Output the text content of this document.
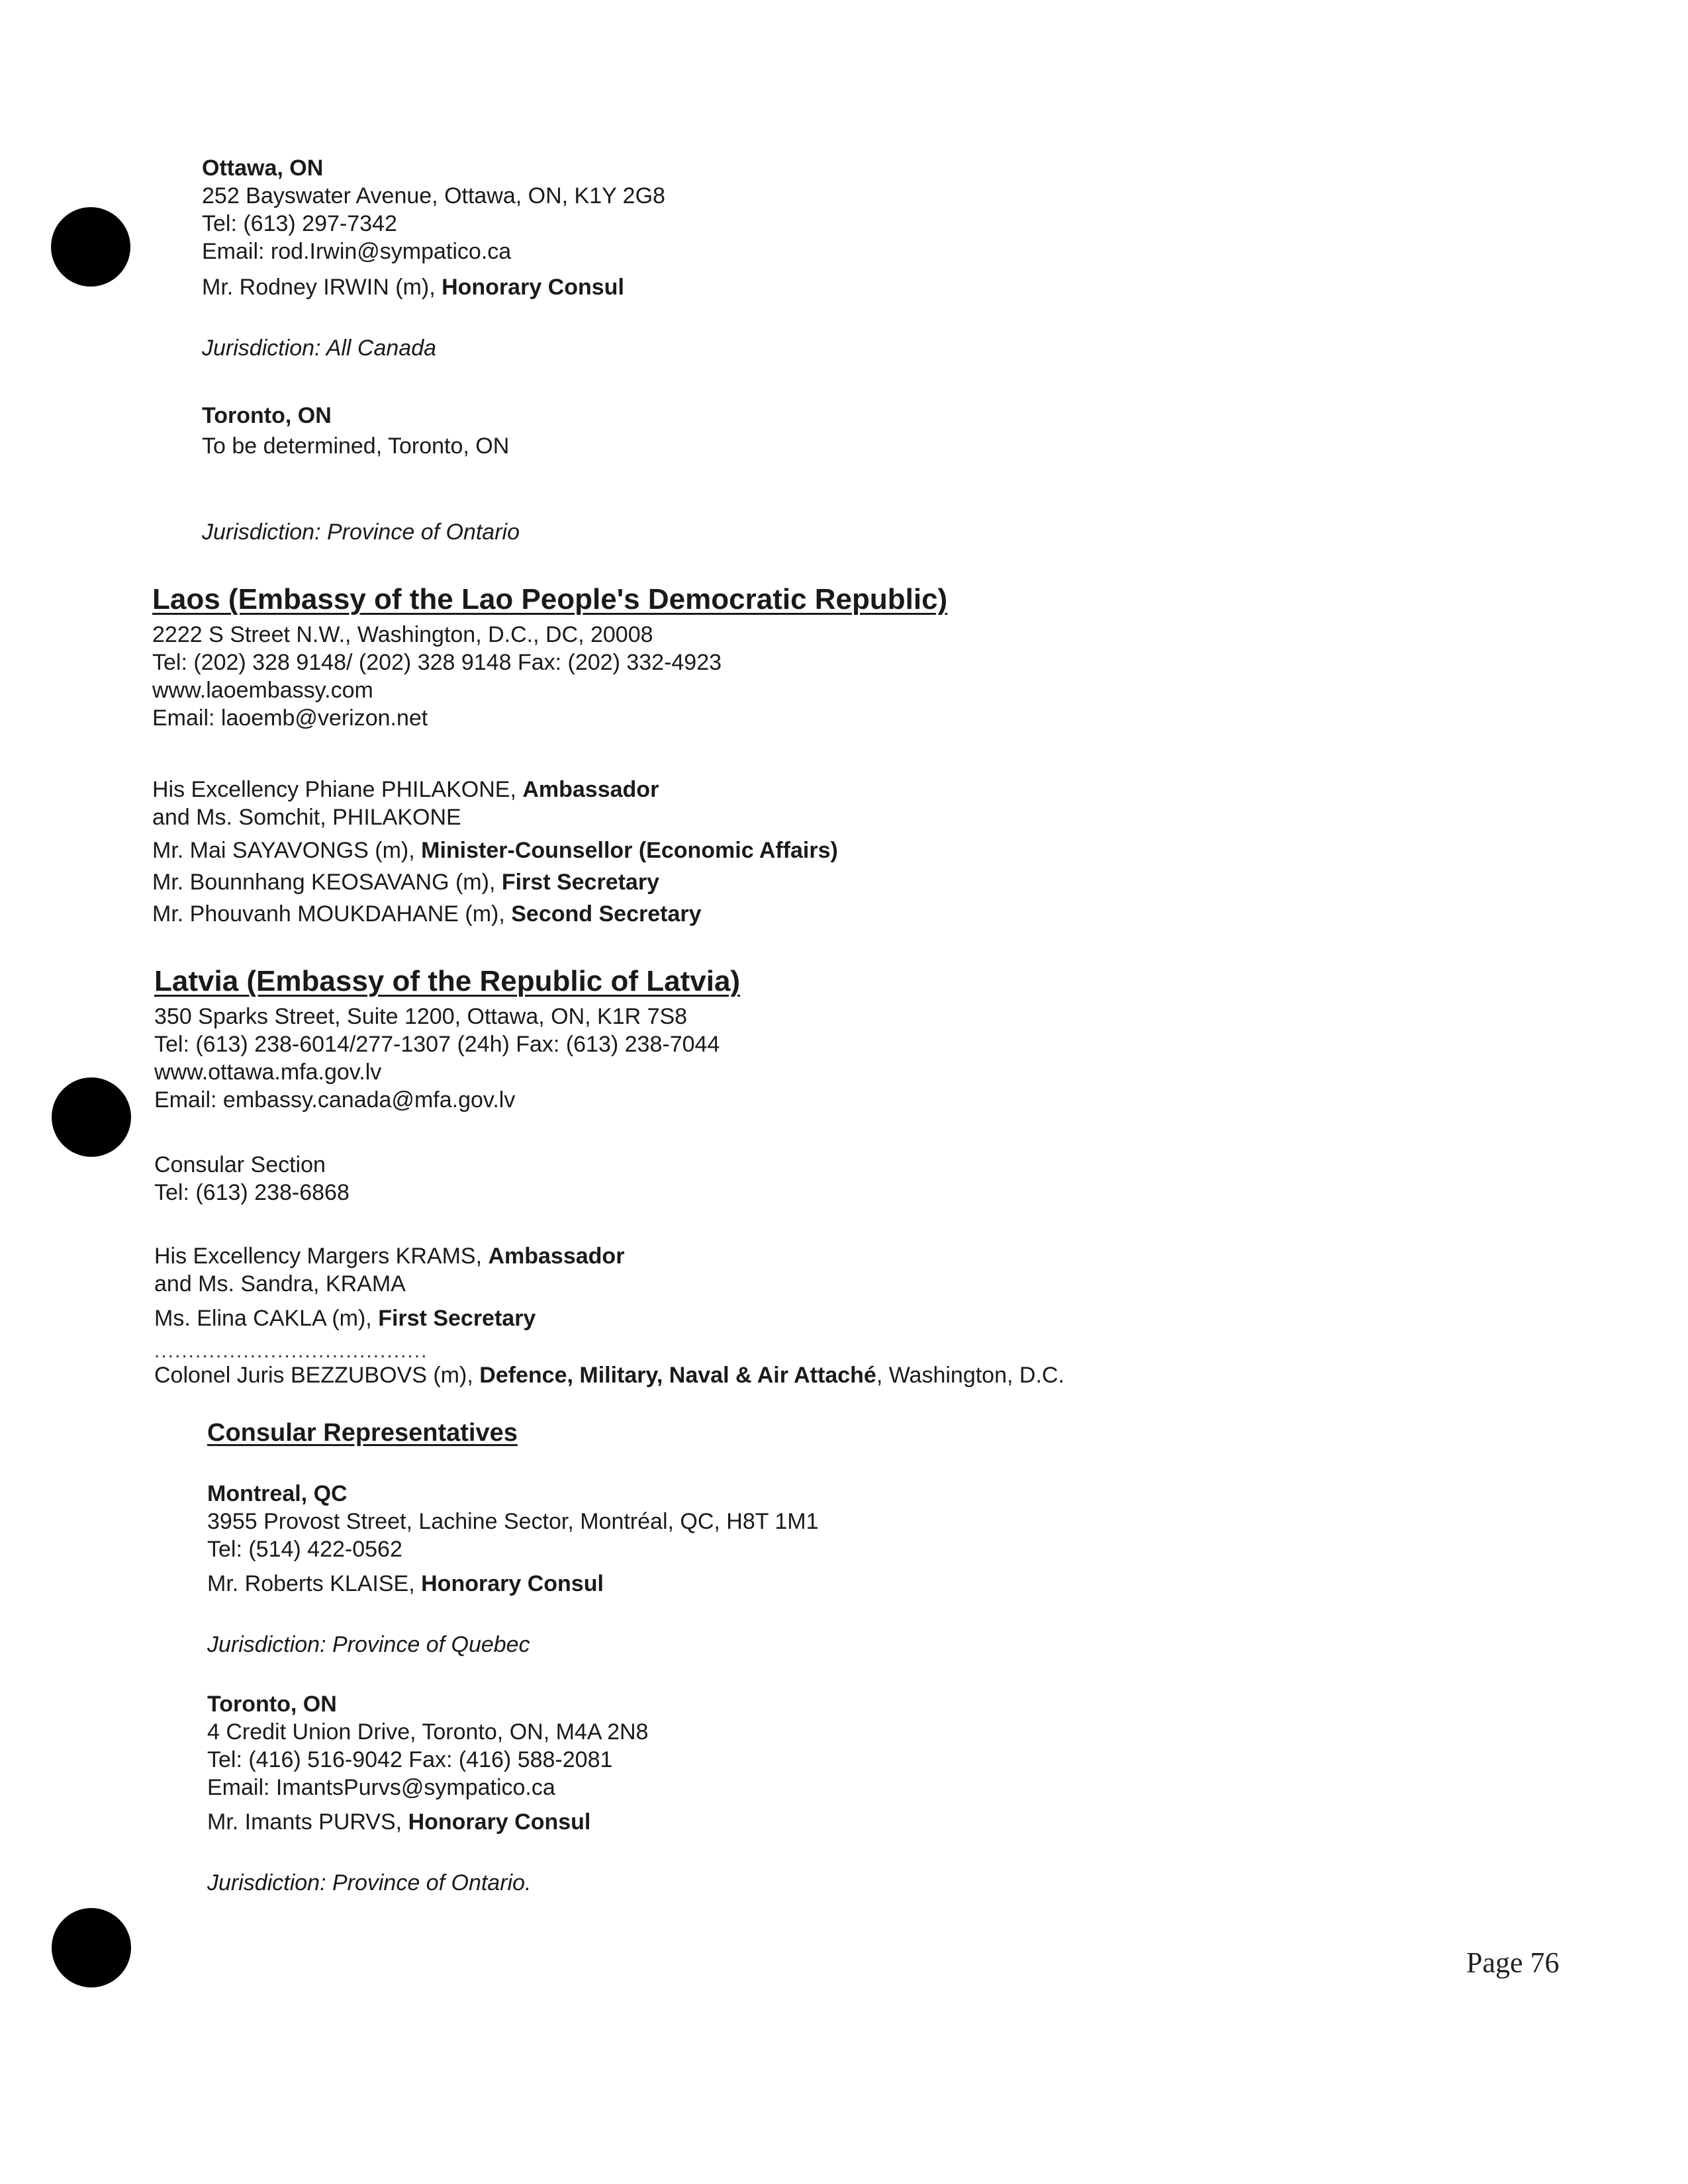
Ottawa, ON
252 Bayswater Avenue, Ottawa, ON, K1Y 2G8
Tel: (613) 297-7342
Email: rod.Irwin@sympatico.ca
Mr. Rodney IRWIN (m), Honorary Consul
Jurisdiction: All Canada
Toronto, ON
To be determined, Toronto, ON
Jurisdiction: Province of Ontario
Laos (Embassy of the Lao People's Democratic Republic)
2222 S Street N.W., Washington, D.C., DC, 20008
Tel: (202) 328 9148/ (202) 328 9148 Fax: (202) 332-4923
www.laoembassy.com
Email: laoemb@verizon.net
His Excellency Phiane PHILAKONE, Ambassador
and Ms. Somchit, PHILAKONE
Mr. Mai SAYAVONGS (m), Minister-Counsellor (Economic Affairs)
Mr. Bounnhang KEOSAVANG (m), First Secretary
Mr. Phouvanh MOUKDAHANE (m), Second Secretary
Latvia (Embassy of the Republic of Latvia)
350 Sparks Street, Suite 1200, Ottawa, ON, K1R 7S8
Tel: (613) 238-6014/277-1307 (24h) Fax: (613) 238-7044
www.ottawa.mfa.gov.lv
Email: embassy.canada@mfa.gov.lv
Consular Section
Tel: (613) 238-6868
His Excellency Margers KRAMS, Ambassador
and Ms. Sandra, KRAMA
Ms. Elina CAKLA (m), First Secretary
........................................
Colonel Juris BEZZUBOVS (m), Defence, Military, Naval & Air Attaché, Washington, D.C.
Consular Representatives
Montreal, QC
3955 Provost Street, Lachine Sector, Montréal, QC, H8T 1M1
Tel: (514) 422-0562
Mr. Roberts KLAISE, Honorary Consul
Jurisdiction: Province of Quebec
Toronto, ON
4 Credit Union Drive, Toronto, ON, M4A 2N8
Tel: (416) 516-9042 Fax: (416) 588-2081
Email: ImantsPurvs@sympatico.ca
Mr. Imants PURVS, Honorary Consul
Jurisdiction: Province of Ontario.
Page 76
